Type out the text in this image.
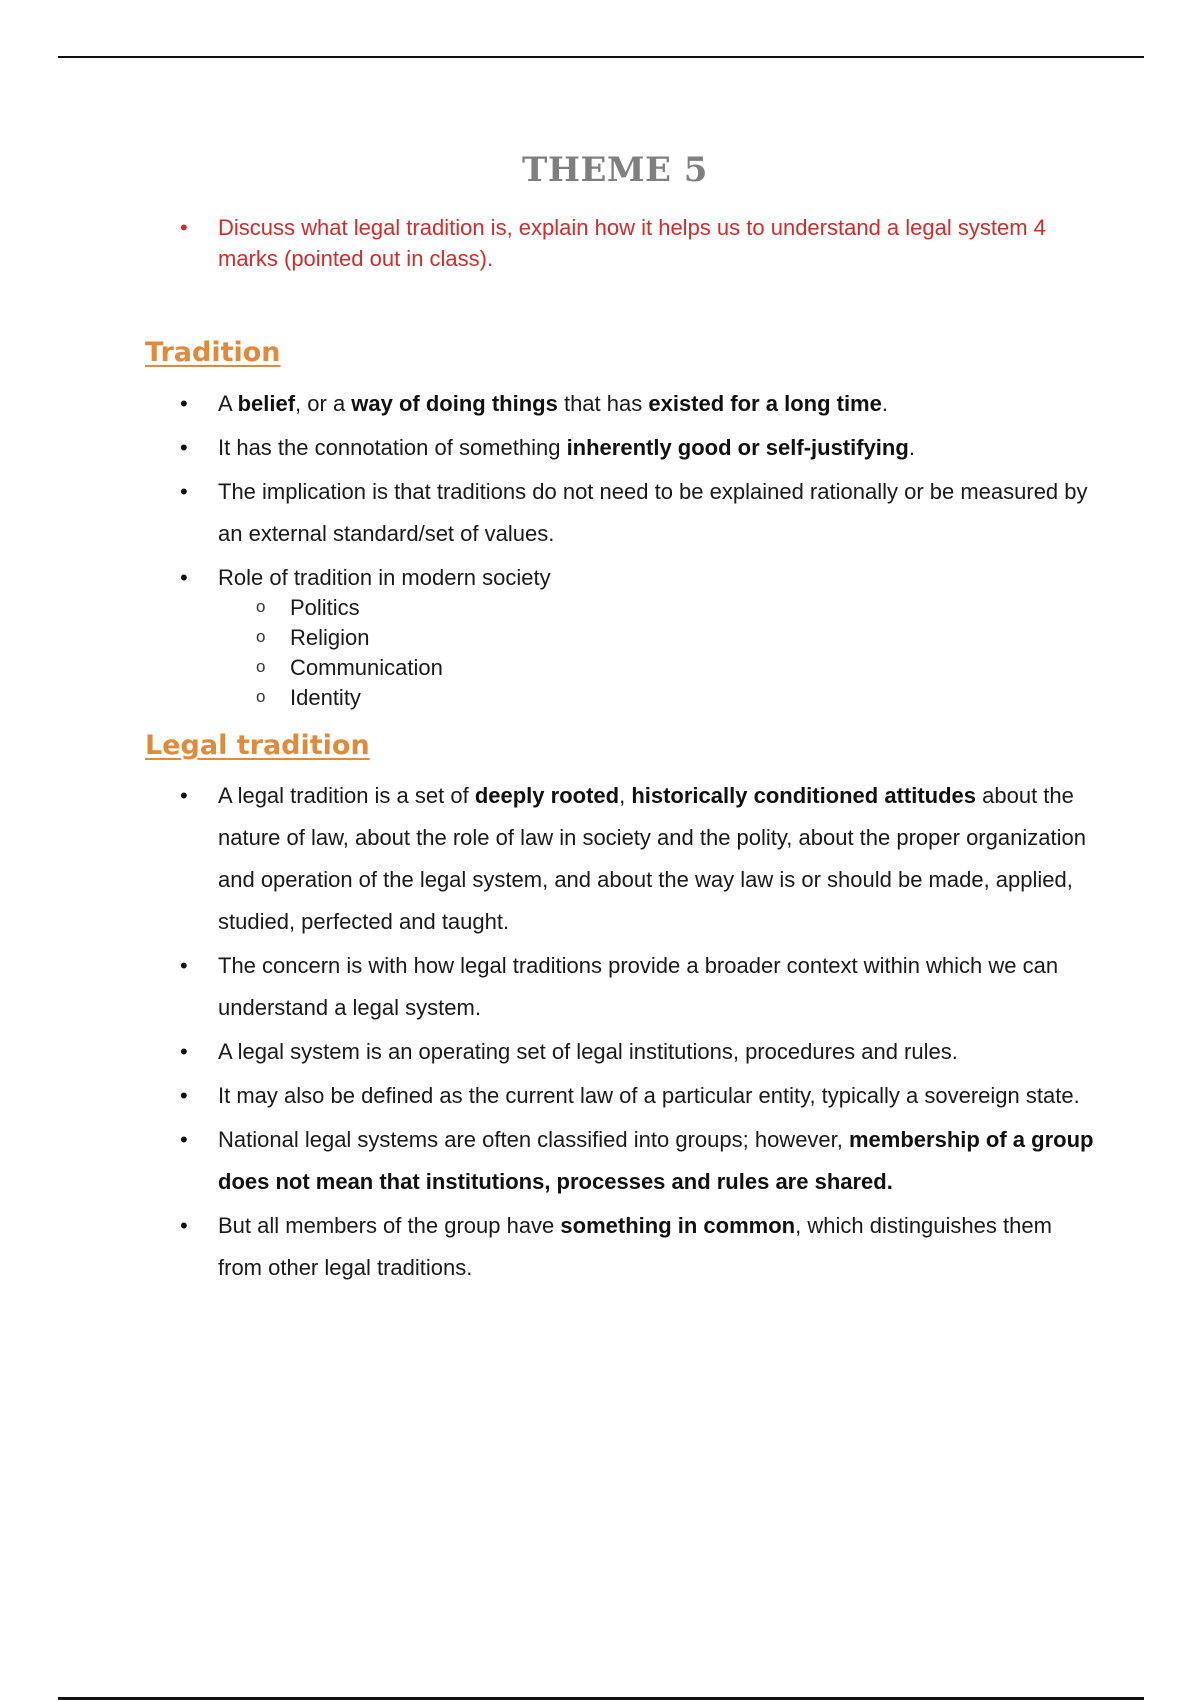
THEME 5
• Discuss what legal tradition is, explain how it helps us to understand a legal system 4 marks (pointed out in class).
Tradition
• A belief, or a way of doing things that has existed for a long time.
• It has the connotation of something inherently good or self-justifying.
• The implication is that traditions do not need to be explained rationally or be measured by an external standard/set of values.
• Role of tradition in modern society
o Politics
o Religion
o Communication
o Identity
Legal tradition
• A legal tradition is a set of deeply rooted, historically conditioned attitudes about the nature of law, about the role of law in society and the polity, about the proper organization and operation of the legal system, and about the way law is or should be made, applied, studied, perfected and taught.
• The concern is with how legal traditions provide a broader context within which we can understand a legal system.
• A legal system is an operating set of legal institutions, procedures and rules.
• It may also be defined as the current law of a particular entity, typically a sovereign state.
• National legal systems are often classified into groups; however, membership of a group does not mean that institutions, processes and rules are shared.
• But all members of the group have something in common, which distinguishes them from other legal traditions.
